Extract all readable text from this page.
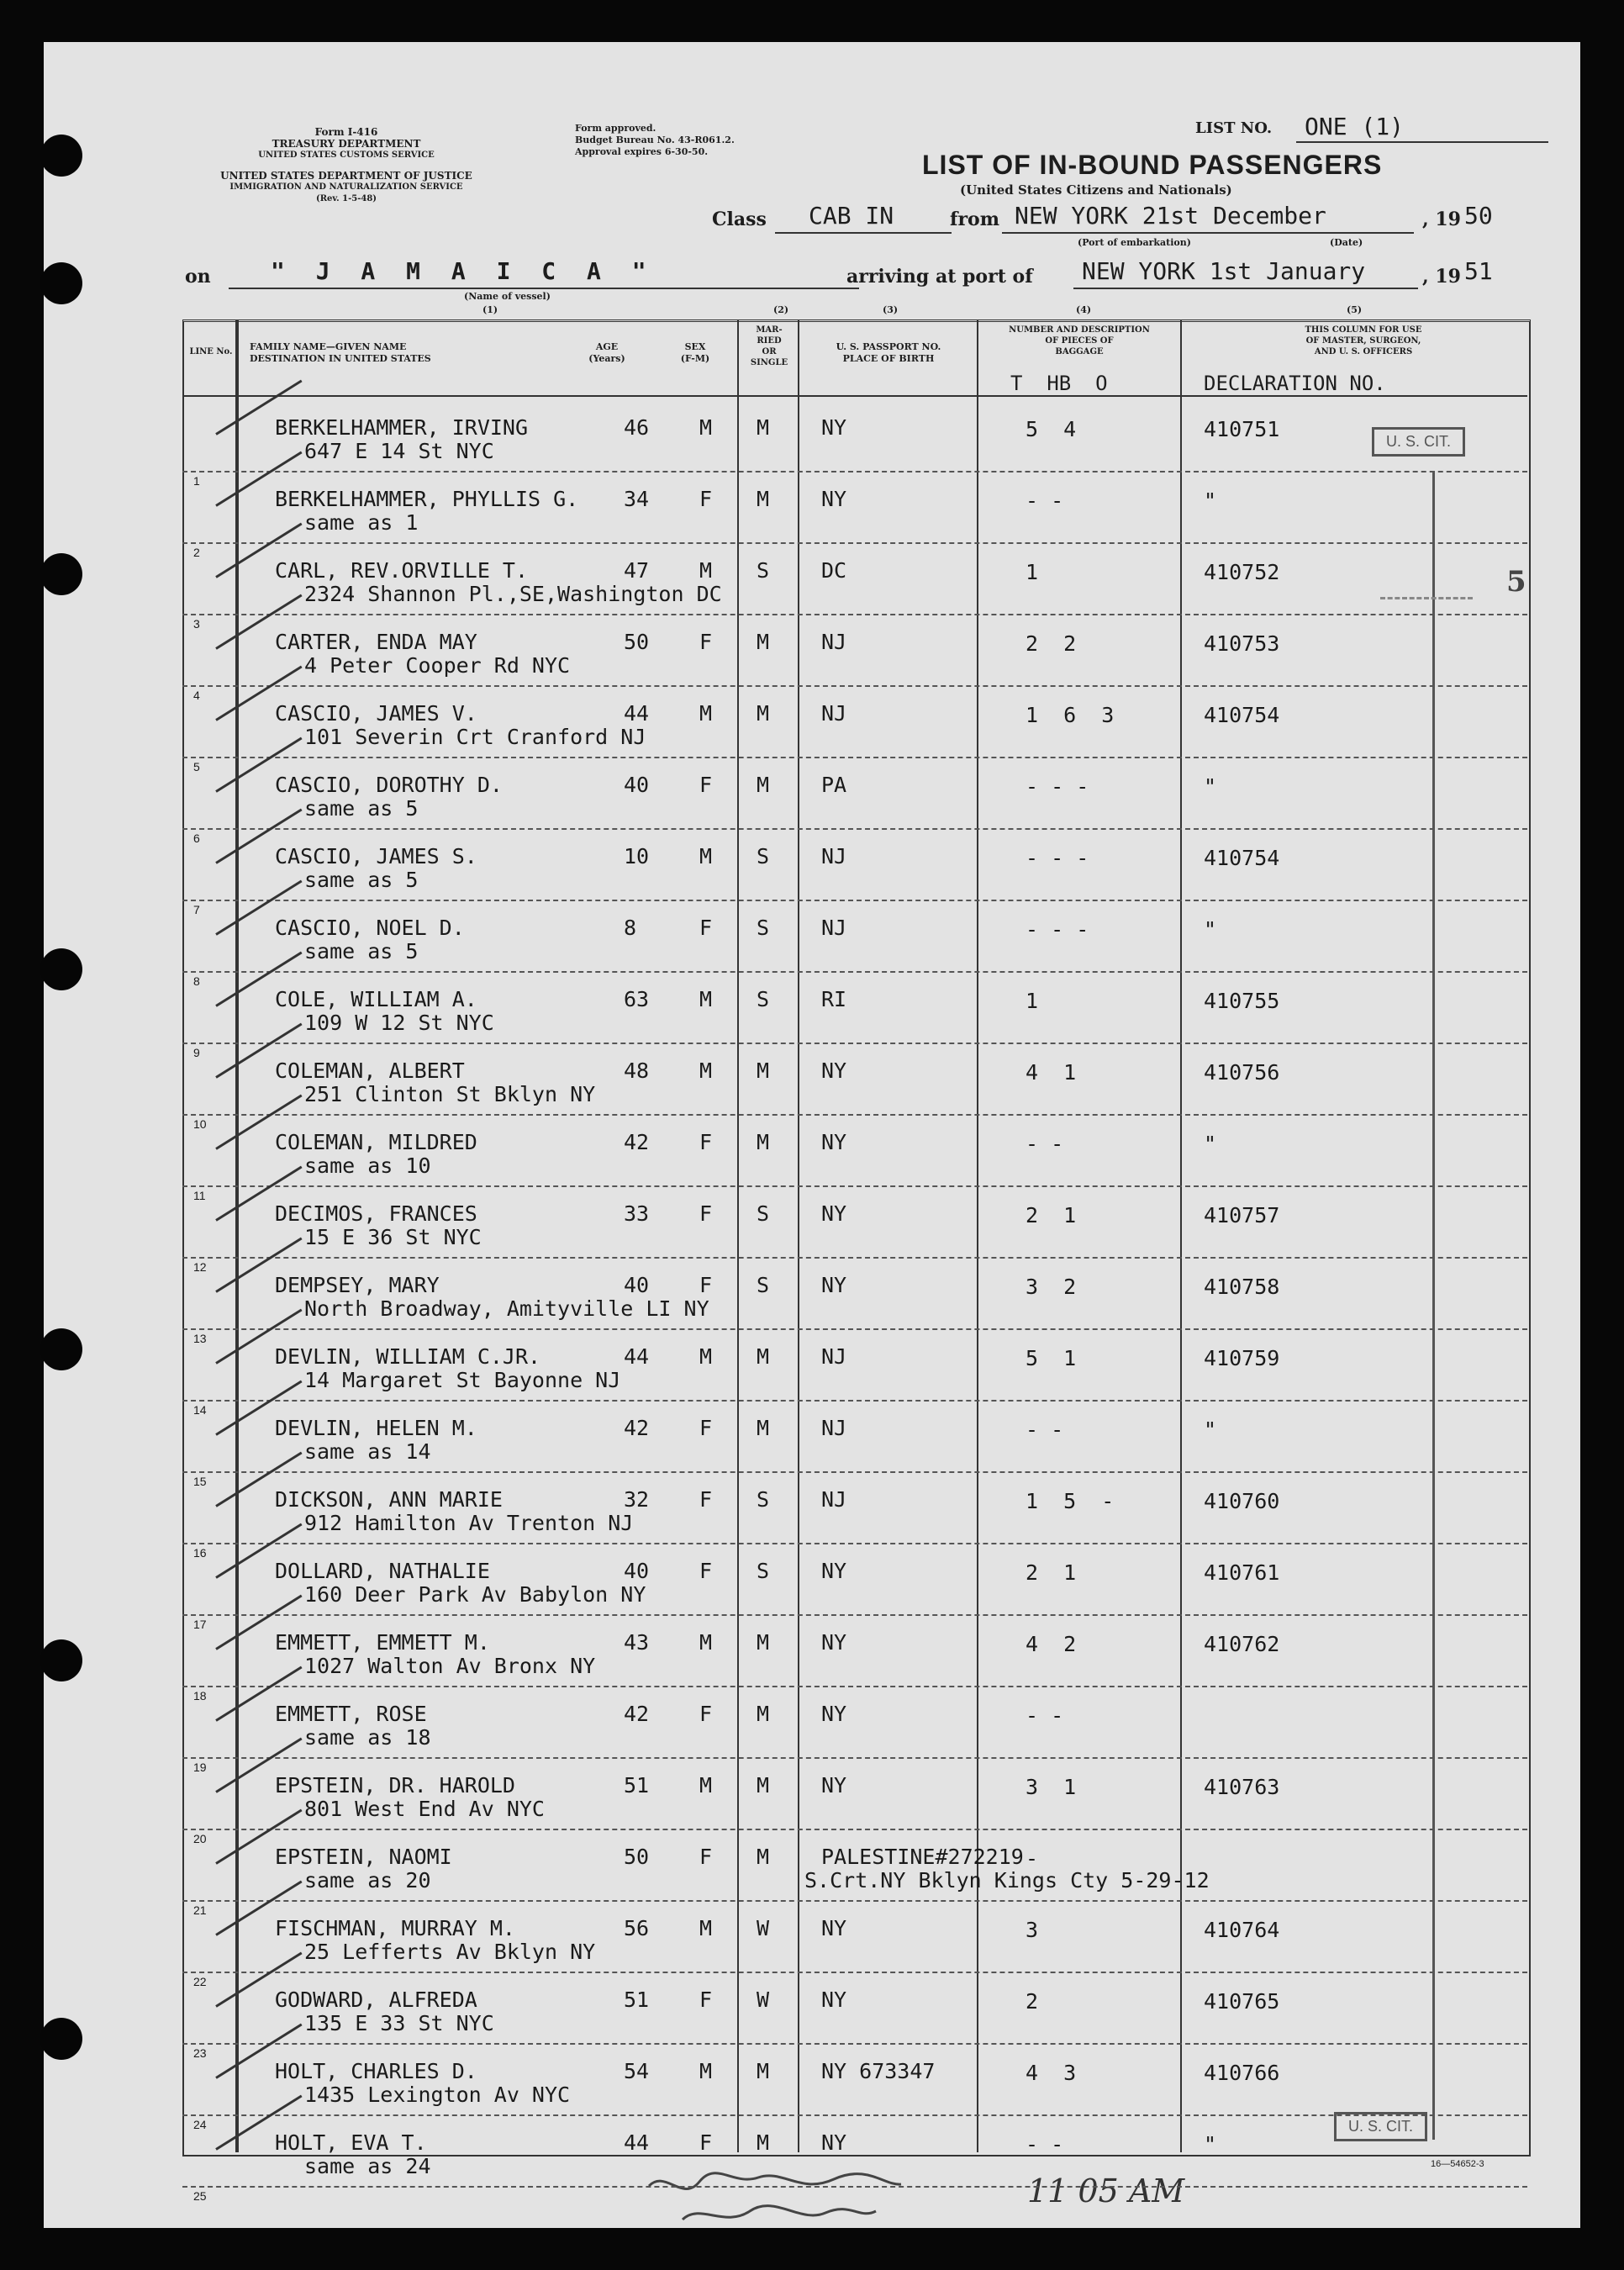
Form I-416
TREASURY DEPARTMENT
UNITED STATES CUSTOMS SERVICE
UNITED STATES DEPARTMENT OF JUSTICE
IMMIGRATION AND NATURALIZATION SERVICE
(Rev. 1-5-48)
Form approved.
Budget Bureau No. 43-R061.2.
Approval expires 6-30-50.
LIST NO. ONE (1)
LIST OF IN-BOUND PASSENGERS
(United States Citizens and Nationals)
Class CAB IN	from NEW YORK 21st December	, 19 50
(Port of embarkation)	(Date)
on	" J A M A I C A "
(Name of vessel)
arriving at port of NEW YORK 1st January	, 19 51
(1)	(2)	(3)	(4)	(5)
LINE No.	FAMILY NAME—GIVEN NAME
DESTINATION IN UNITED STATES
AGE
(Years)
SEX
(F-M)
MAR-
RIED
OR
SINGLE
U. S. PASSPORT NO.
PLACE OF BIRTH
NUMBER AND DESCRIPTION
OF PIECES OF
BAGGAGE
T  HB  O
THIS COLUMN FOR USE
OF MASTER, SURGEON,
AND U. S. OFFICERS
DECLARATION NO.
U. S. CIT.
U. S. CIT.
5
16—54652-3
11 05 AM
1
BERKELHAMMER, IRVING
647 E 14 St NYC
46 M M NY	5  4	410751
2
BERKELHAMMER, PHYLLIS G.
same as 1
34 F M NY	- -	"
3
CARL, REV.ORVILLE T.
2324 Shannon Pl.,SE,Washington DC
47 M S DC	1	410752
4
CARTER, ENDA MAY
4 Peter Cooper Rd NYC
50 F M NJ	2  2	410753
5
CASCIO, JAMES V.
101 Severin Crt Cranford NJ
44 M M NJ	1  6  3	410754
6
CASCIO, DOROTHY D.
same as 5
40 F M PA	- - -	"
7
CASCIO, JAMES S.
same as 5
10 M S NJ	- - -	410754
8
CASCIO, NOEL D.
same as 5
8	F S NJ	- - -	"
9
COLE, WILLIAM A.
109 W 12 St NYC
63 M S RI	1	410755
10
COLEMAN, ALBERT
251 Clinton St Bklyn NY
48 M M NY	4  1	410756
11
COLEMAN, MILDRED
same as 10
42 F M NY	- -	"
12
DECIMOS, FRANCES
15 E 36 St NYC
33 F S NY	2  1	410757
13
DEMPSEY, MARY
North Broadway, Amityville LI NY
40 F S NY	3  2	410758
14
DEVLIN, WILLIAM C.JR.
14 Margaret St Bayonne NJ
44 M M NJ	5  1	410759
15
DEVLIN, HELEN M.
same as 14
42 F M NJ	- -	"
16
DICKSON, ANN MARIE
912 Hamilton Av Trenton NJ
32 F S NJ	1  5  -	410760
17
DOLLARD, NATHALIE
160 Deer Park Av Babylon NY
40 F S NY	2  1	410761
18
EMMETT, EMMETT M.
1027 Walton Av Bronx NY
43 M M NY	4  2	410762
19
EMMETT, ROSE
same as 18
42 F M NY	- -
20
EPSTEIN, DR. HAROLD
801 West End Av NYC
51 M M NY	3  1	410763
21
EPSTEIN, NAOMI
same as 20
50 F M PALESTINE#272219 -
S.Crt.NY Bklyn Kings Cty 5-29-12
22
FISCHMAN, MURRAY M.
25 Lefferts Av Bklyn NY
56 M W NY	3	410764
23
GODWARD, ALFREDA
135 E 33 St NYC
51 F W NY	2	410765
24
HOLT, CHARLES D.
1435 Lexington Av NYC
54 M M NY 673347	4  3	410766
25
HOLT, EVA T.
same as 24
44 F M NY	- -	"
